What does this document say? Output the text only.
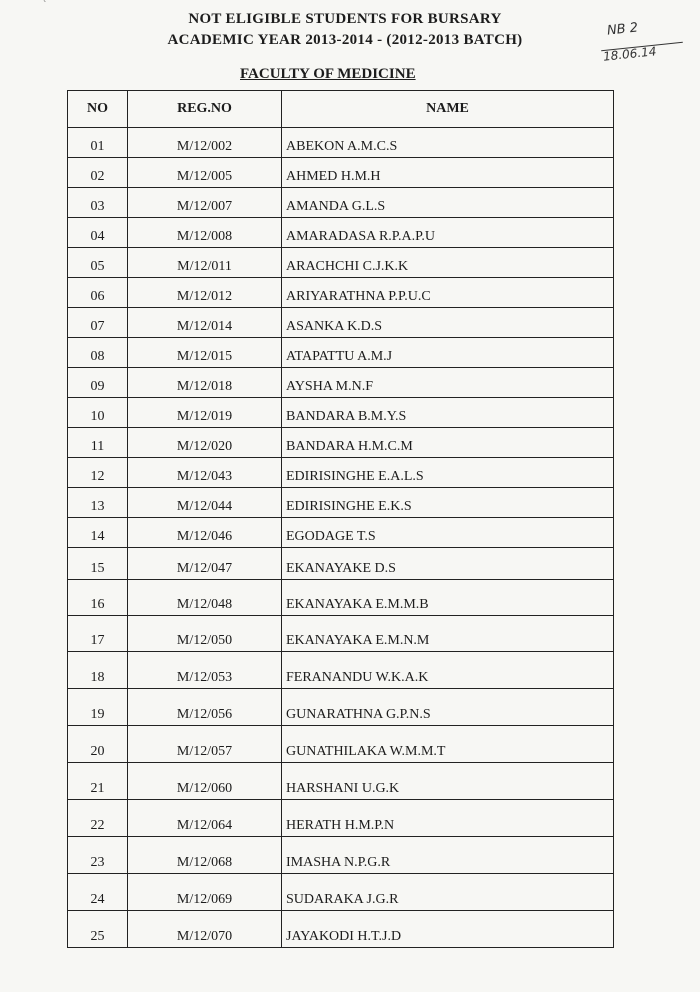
`
NOT ELIGIBLE STUDENTS FOR BURSARY
ACADEMIC YEAR 2013-2014 - (2012-2013 BATCH)
FACULTY OF MEDICINE
NB 2
18.06.14
NO	REG.NO	NAME
01	M/12/002	ABEKON A.M.C.S
02	M/12/005	AHMED H.M.H
03	M/12/007	AMANDA G.L.S
04	M/12/008	AMARADASA R.P.A.P.U
05	M/12/011	ARACHCHI C.J.K.K
06	M/12/012	ARIYARATHNA P.P.U.C
07	M/12/014	ASANKA K.D.S
08	M/12/015	ATAPATTU A.M.J
09	M/12/018	AYSHA M.N.F
10	M/12/019	BANDARA B.M.Y.S
11	M/12/020	BANDARA H.M.C.M
12	M/12/043	EDIRISINGHE E.A.L.S
13	M/12/044	EDIRISINGHE E.K.S
14	M/12/046	EGODAGE T.S
15	M/12/047	EKANAYAKE D.S
16	M/12/048	EKANAYAKA E.M.M.B
17	M/12/050	EKANAYAKA E.M.N.M
18	M/12/053	FERANANDU W.K.A.K
19	M/12/056	GUNARATHNA G.P.N.S
20	M/12/057	GUNATHILAKA W.M.M.T
21	M/12/060	HARSHANI U.G.K
22	M/12/064	HERATH H.M.P.N
23	M/12/068	IMASHA N.P.G.R
24	M/12/069	SUDARAKA J.G.R
25	M/12/070	JAYAKODI H.T.J.D
